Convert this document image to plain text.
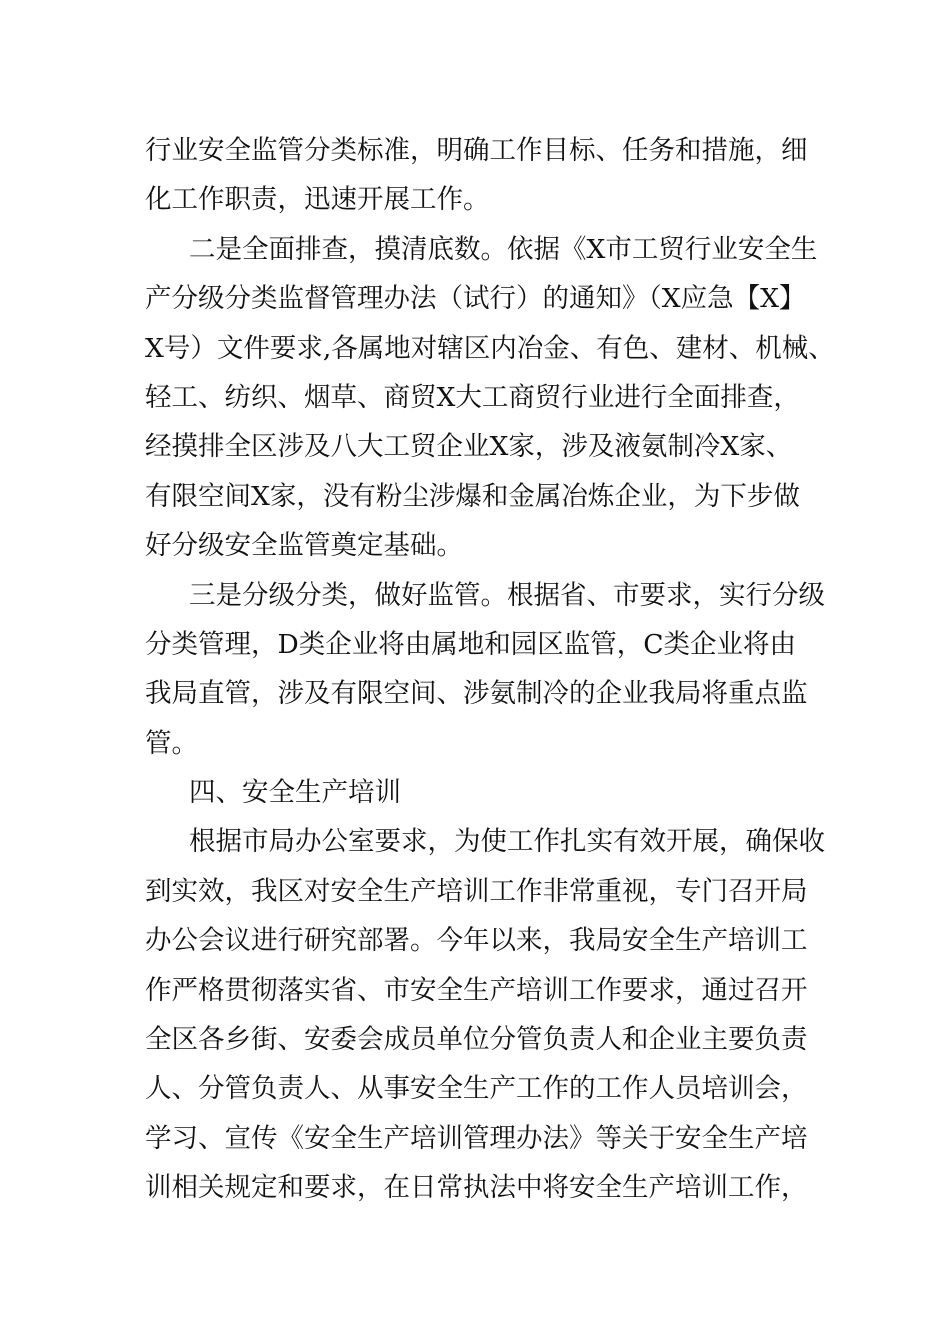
行业安全监管分类标准，明确工作目标、任务和措施，细
化工作职责，迅速开展工作。
二是全面排查，摸清底数。依据《X市工贸行业安全生
产分级分类监督管理办法（试行）的通知》（X应急【X】
X号）文件要求,各属地对辖区内冶金、有色、建材、机械、
轻工、纺织、烟草、商贸X大工商贸行业进行全面排查，
经摸排全区涉及八大工贸企业X家，涉及液氨制冷X家、
有限空间X家，没有粉尘涉爆和金属冶炼企业，为下步做
好分级安全监管奠定基础。
三是分级分类，做好监管。根据省、市要求，实行分级
分类管理，D类企业将由属地和园区监管，C类企业将由
我局直管，涉及有限空间、涉氨制冷的企业我局将重点监
管。
四、安全生产培训
根据市局办公室要求，为使工作扎实有效开展，确保收
到实效，我区对安全生产培训工作非常重视，专门召开局
办公会议进行研究部署。今年以来，我局安全生产培训工
作严格贯彻落实省、市安全生产培训工作要求，通过召开
全区各乡街、安委会成员单位分管负责人和企业主要负责
人、分管负责人、从事安全生产工作的工作人员培训会，
学习、宣传《安全生产培训管理办法》等关于安全生产培
训相关规定和要求，在日常执法中将安全生产培训工作，
